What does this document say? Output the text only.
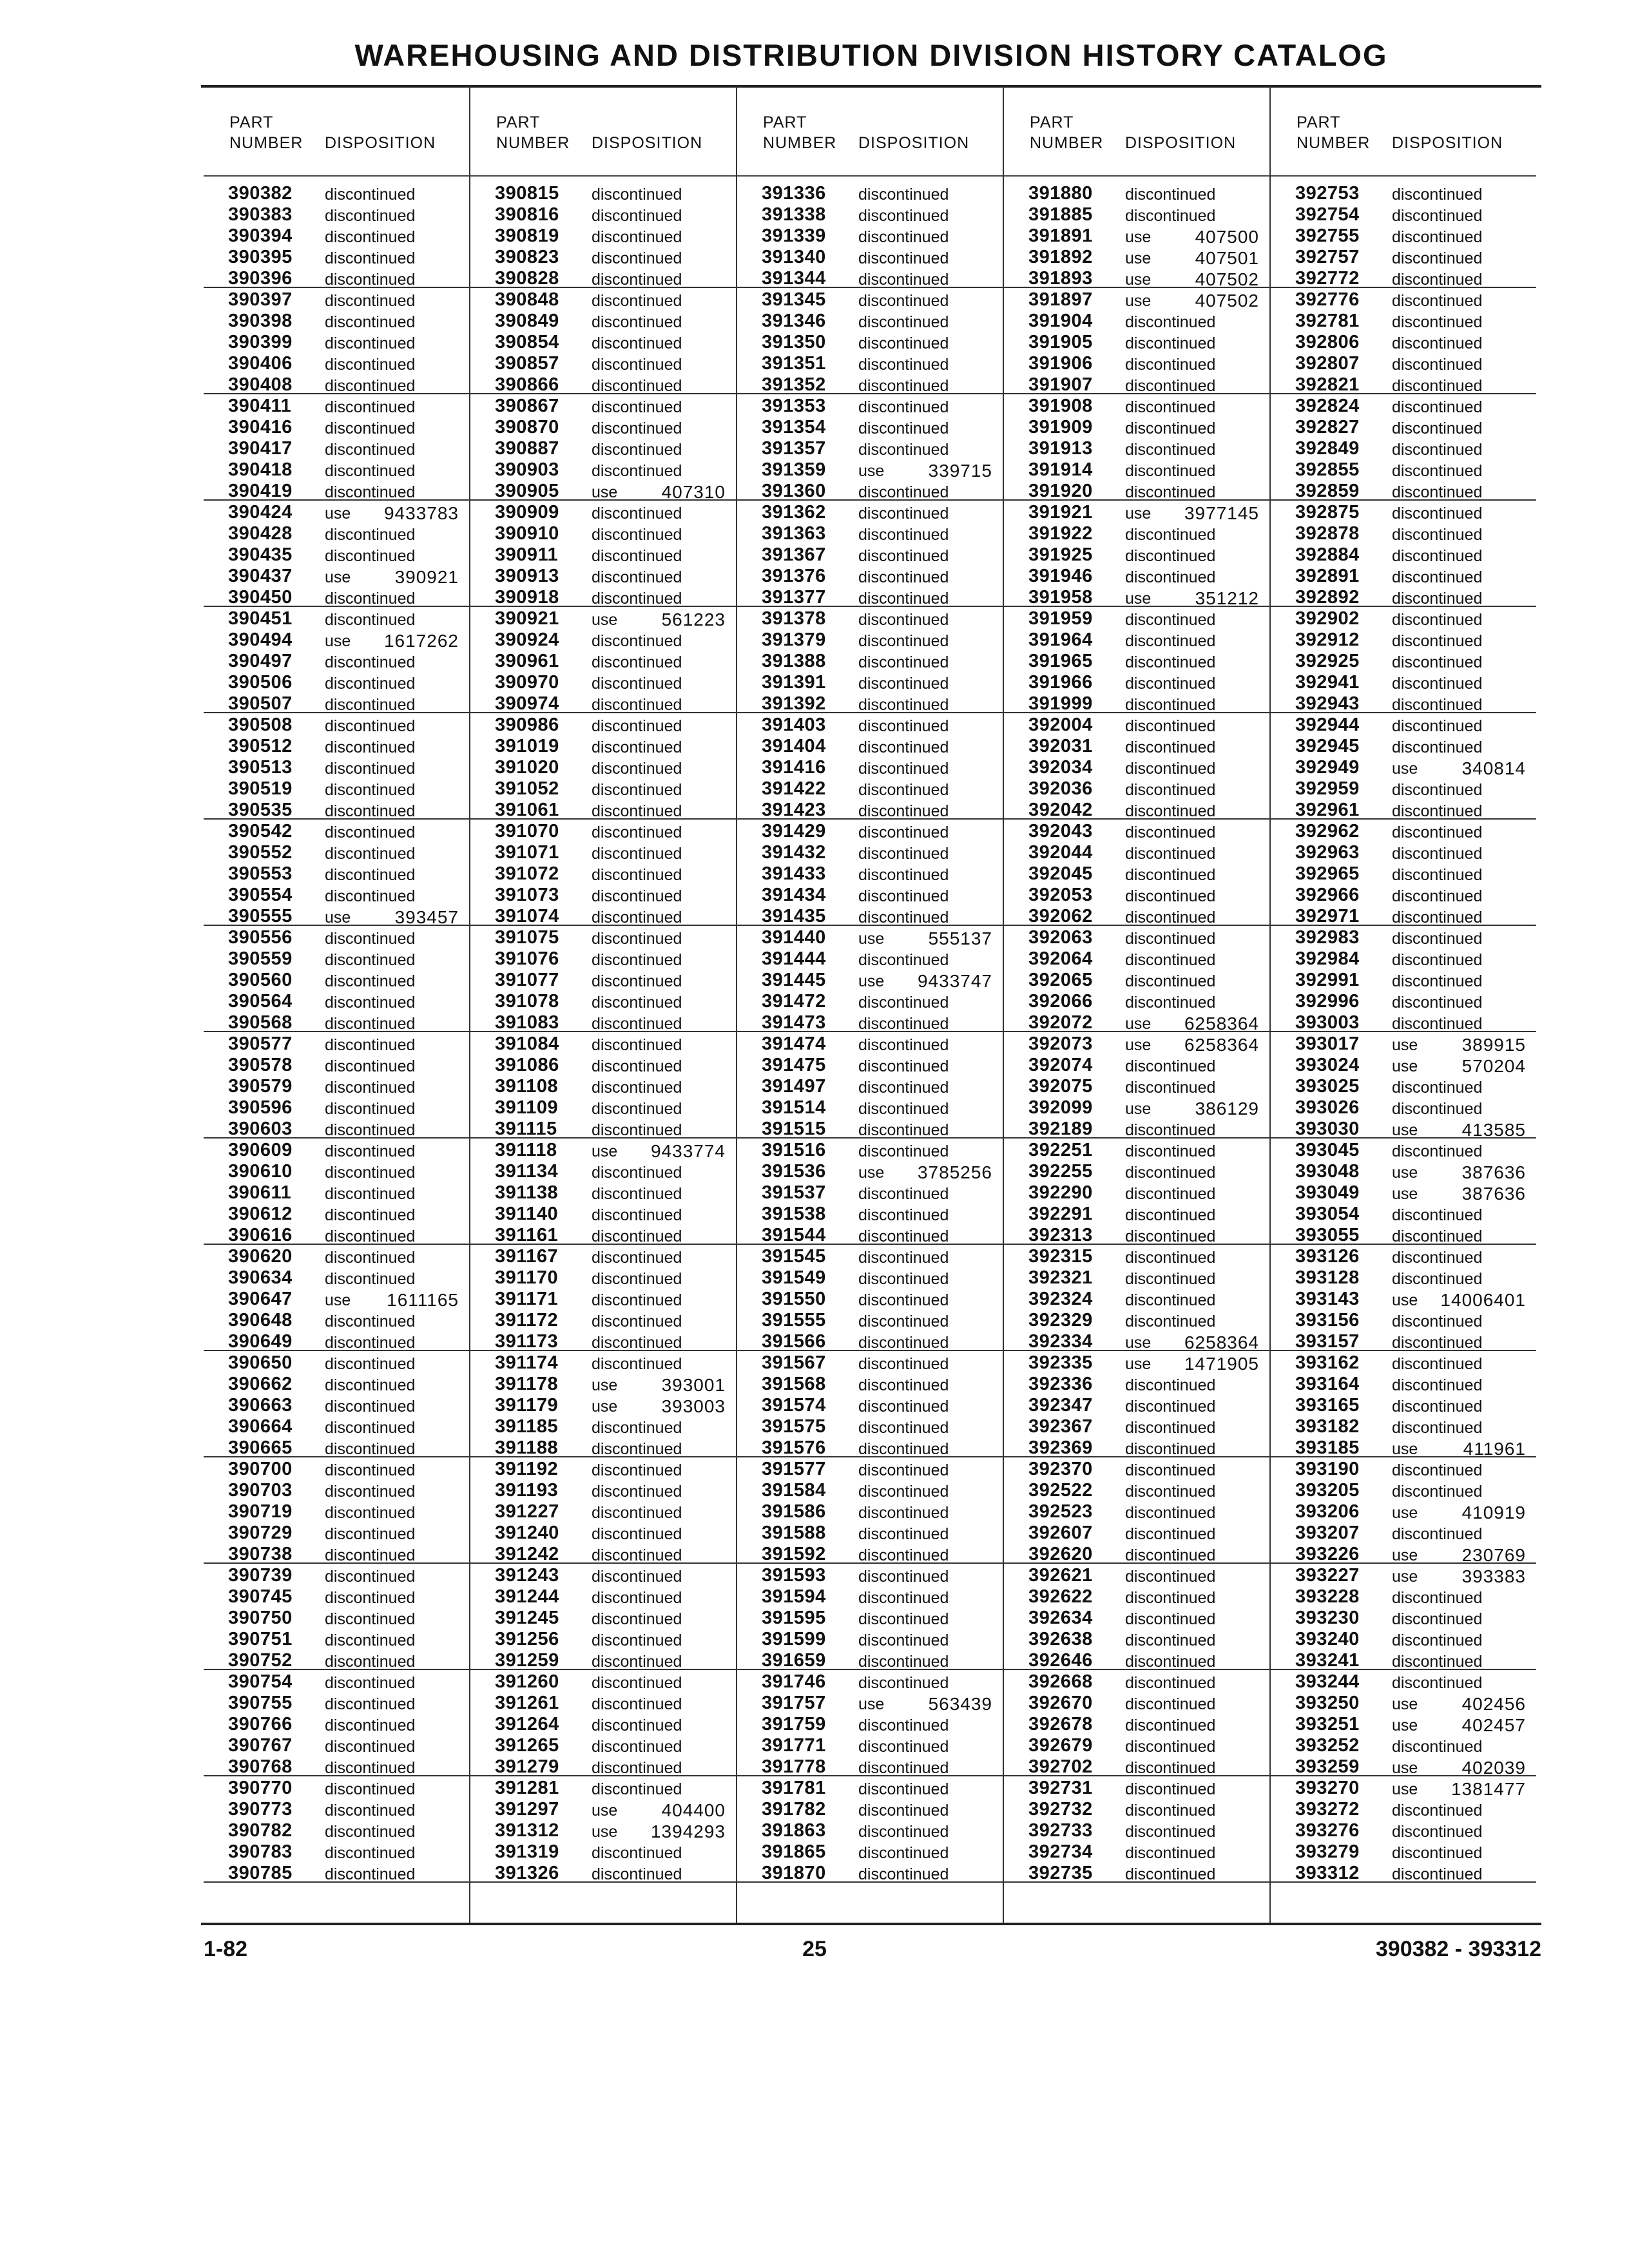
WAREHOUSING AND DISTRIBUTION DIVISION HISTORY CATALOG
PART
NUMBER DISPOSITION
390382 discontinued
390383 discontinued
390394 discontinued
390395 discontinued
390396 discontinued
390397 discontinued
390398 discontinued
390399 discontinued
390406 discontinued
390408 discontinued
390411 discontinued
390416 discontinued
390417 discontinued
390418 discontinued
390419 discontinued
390424 use 9433783
390428 discontinued
390435 discontinued
390437 use 390921
390450 discontinued
390451 discontinued
390494 use 1617262
390497 discontinued
390506 discontinued
390507 discontinued
390508 discontinued
390512 discontinued
390513 discontinued
390519 discontinued
390535 discontinued
390542 discontinued
390552 discontinued
390553 discontinued
390554 discontinued
390555 use 393457
390556 discontinued
390559 discontinued
390560 discontinued
390564 discontinued
390568 discontinued
390577 discontinued
390578 discontinued
390579 discontinued
390596 discontinued
390603 discontinued
390609 discontinued
390610 discontinued
390611 discontinued
390612 discontinued
390616 discontinued
390620 discontinued
390634 discontinued
390647 use 1611165
390648 discontinued
390649 discontinued
390650 discontinued
390662 discontinued
390663 discontinued
390664 discontinued
390665 discontinued
390700 discontinued
390703 discontinued
390719 discontinued
390729 discontinued
390738 discontinued
390739 discontinued
390745 discontinued
390750 discontinued
390751 discontinued
390752 discontinued
390754 discontinued
390755 discontinued
390766 discontinued
390767 discontinued
390768 discontinued
390770 discontinued
390773 discontinued
390782 discontinued
390783 discontinued
390785 discontinued
PART
NUMBER DISPOSITION
390815 discontinued
390816 discontinued
390819 discontinued
390823 discontinued
390828 discontinued
390848 discontinued
390849 discontinued
390854 discontinued
390857 discontinued
390866 discontinued
390867 discontinued
390870 discontinued
390887 discontinued
390903 discontinued
390905 use 407310
390909 discontinued
390910 discontinued
390911 discontinued
390913 discontinued
390918 discontinued
390921 use 561223
390924 discontinued
390961 discontinued
390970 discontinued
390974 discontinued
390986 discontinued
391019 discontinued
391020 discontinued
391052 discontinued
391061 discontinued
391070 discontinued
391071 discontinued
391072 discontinued
391073 discontinued
391074 discontinued
391075 discontinued
391076 discontinued
391077 discontinued
391078 discontinued
391083 discontinued
391084 discontinued
391086 discontinued
391108 discontinued
391109 discontinued
391115 discontinued
391118 use 9433774
391134 discontinued
391138 discontinued
391140 discontinued
391161 discontinued
391167 discontinued
391170 discontinued
391171 discontinued
391172 discontinued
391173 discontinued
391174 discontinued
391178 use 393001
391179 use 393003
391185 discontinued
391188 discontinued
391192 discontinued
391193 discontinued
391227 discontinued
391240 discontinued
391242 discontinued
391243 discontinued
391244 discontinued
391245 discontinued
391256 discontinued
391259 discontinued
391260 discontinued
391261 discontinued
391264 discontinued
391265 discontinued
391279 discontinued
391281 discontinued
391297 use 404400
391312 use 1394293
391319 discontinued
391326 discontinued
PART
NUMBER DISPOSITION
391336 discontinued
391338 discontinued
391339 discontinued
391340 discontinued
391344 discontinued
391345 discontinued
391346 discontinued
391350 discontinued
391351 discontinued
391352 discontinued
391353 discontinued
391354 discontinued
391357 discontinued
391359 use 339715
391360 discontinued
391362 discontinued
391363 discontinued
391367 discontinued
391376 discontinued
391377 discontinued
391378 discontinued
391379 discontinued
391388 discontinued
391391 discontinued
391392 discontinued
391403 discontinued
391404 discontinued
391416 discontinued
391422 discontinued
391423 discontinued
391429 discontinued
391432 discontinued
391433 discontinued
391434 discontinued
391435 discontinued
391440 use 555137
391444 discontinued
391445 use 9433747
391472 discontinued
391473 discontinued
391474 discontinued
391475 discontinued
391497 discontinued
391514 discontinued
391515 discontinued
391516 discontinued
391536 use 3785256
391537 discontinued
391538 discontinued
391544 discontinued
391545 discontinued
391549 discontinued
391550 discontinued
391555 discontinued
391566 discontinued
391567 discontinued
391568 discontinued
391574 discontinued
391575 discontinued
391576 discontinued
391577 discontinued
391584 discontinued
391586 discontinued
391588 discontinued
391592 discontinued
391593 discontinued
391594 discontinued
391595 discontinued
391599 discontinued
391659 discontinued
391746 discontinued
391757 use 563439
391759 discontinued
391771 discontinued
391778 discontinued
391781 discontinued
391782 discontinued
391863 discontinued
391865 discontinued
391870 discontinued
PART
NUMBER DISPOSITION
391880 discontinued
391885 discontinued
391891 use 407500
391892 use 407501
391893 use 407502
391897 use 407502
391904 discontinued
391905 discontinued
391906 discontinued
391907 discontinued
391908 discontinued
391909 discontinued
391913 discontinued
391914 discontinued
391920 discontinued
391921 use 3977145
391922 discontinued
391925 discontinued
391946 discontinued
391958 use 351212
391959 discontinued
391964 discontinued
391965 discontinued
391966 discontinued
391999 discontinued
392004 discontinued
392031 discontinued
392034 discontinued
392036 discontinued
392042 discontinued
392043 discontinued
392044 discontinued
392045 discontinued
392053 discontinued
392062 discontinued
392063 discontinued
392064 discontinued
392065 discontinued
392066 discontinued
392072 use 6258364
392073 use 6258364
392074 discontinued
392075 discontinued
392099 use 386129
392189 discontinued
392251 discontinued
392255 discontinued
392290 discontinued
392291 discontinued
392313 discontinued
392315 discontinued
392321 discontinued
392324 discontinued
392329 discontinued
392334 use 6258364
392335 use 1471905
392336 discontinued
392347 discontinued
392367 discontinued
392369 discontinued
392370 discontinued
392522 discontinued
392523 discontinued
392607 discontinued
392620 discontinued
392621 discontinued
392622 discontinued
392634 discontinued
392638 discontinued
392646 discontinued
392668 discontinued
392670 discontinued
392678 discontinued
392679 discontinued
392702 discontinued
392731 discontinued
392732 discontinued
392733 discontinued
392734 discontinued
392735 discontinued
PART
NUMBER DISPOSITION
392753 discontinued
392754 discontinued
392755 discontinued
392757 discontinued
392772 discontinued
392776 discontinued
392781 discontinued
392806 discontinued
392807 discontinued
392821 discontinued
392824 discontinued
392827 discontinued
392849 discontinued
392855 discontinued
392859 discontinued
392875 discontinued
392878 discontinued
392884 discontinued
392891 discontinued
392892 discontinued
392902 discontinued
392912 discontinued
392925 discontinued
392941 discontinued
392943 discontinued
392944 discontinued
392945 discontinued
392949 use 340814
392959 discontinued
392961 discontinued
392962 discontinued
392963 discontinued
392965 discontinued
392966 discontinued
392971 discontinued
392983 discontinued
392984 discontinued
392991 discontinued
392996 discontinued
393003 discontinued
393017 use 389915
393024 use 570204
393025 discontinued
393026 discontinued
393030 use 413585
393045 discontinued
393048 use 387636
393049 use 387636
393054 discontinued
393055 discontinued
393126 discontinued
393128 discontinued
393143 use 14006401
393156 discontinued
393157 discontinued
393162 discontinued
393164 discontinued
393165 discontinued
393182 discontinued
393185 use	411961
393190 discontinued
393205 discontinued
393206 use 410919
393207 discontinued
393226 use 230769
393227 use 393383
393228 discontinued
393230 discontinued
393240 discontinued
393241 discontinued
393244 discontinued
393250 use 402456
393251 use 402457
393252 discontinued
393259 use 402039
393270 use 1381477
393272 discontinued
393276 discontinued
393279 discontinued
393312 discontinued
1-82	25	390382 - 393312
